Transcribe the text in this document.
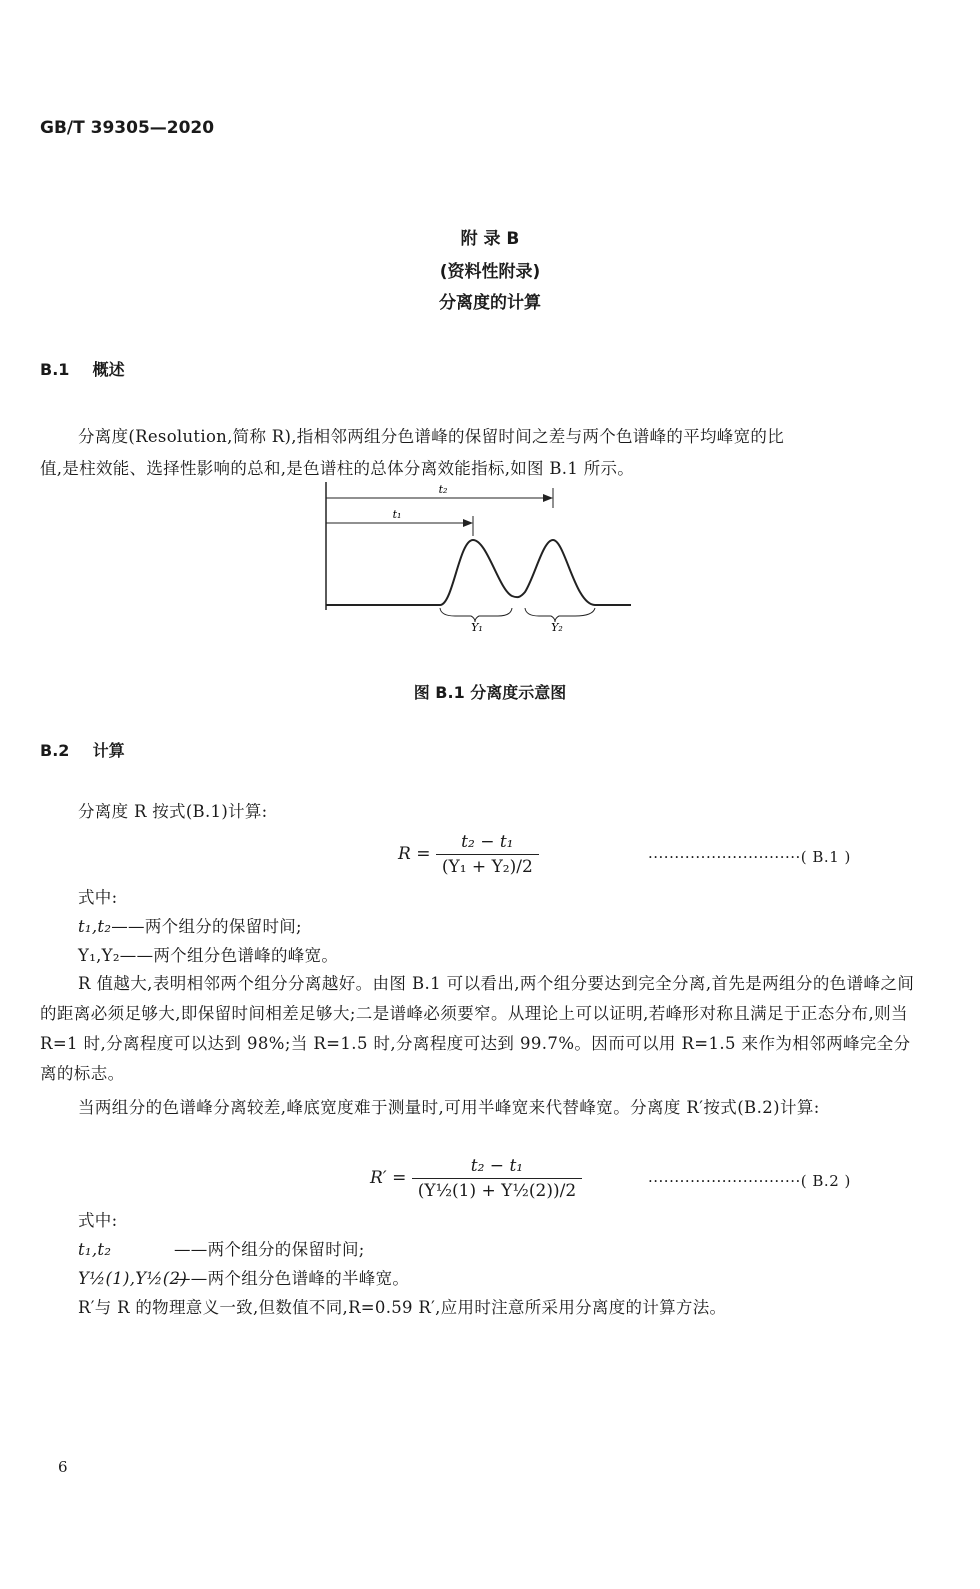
GB/T 39305—2020
附 录 B
(资料性附录)
分离度的计算
B.1 概述
分离度(Resolution,简称 R),指相邻两组分色谱峰的保留时间之差与两个色谱峰的平均峰宽的比
值,是柱效能、选择性影响的总和,是色谱柱的总体分离效能指标,如图 B.1 所示。
t₂
t₁
Y₁	Y₂
图 B.1 分离度示意图
B.2 计算
分离度 R 按式(B.1)计算:
$R = \frac{\text{t₂ − t₁}}{\text{(Y₁ + Y₂)/2}}$	·····························( B.1 )
式中:
t₁,t₂——两个组分的保留时间;
Y₁,Y₂——两个组分色谱峰的峰宽。
R 值越大,表明相邻两个组分分离越好。由图 B.1 可以看出,两个组分要达到完全分离,首先是两组分的色谱峰之间的距离必须足够大,即保留时间相差足够大;二是谱峰必须要窄。从理论上可以证明,若峰形对称且满足于正态分布,则当 R=1 时,分离程度可以达到 98%;当 R=1.5 时,分离程度可达到 99.7%。因而可以用 R=1.5 来作为相邻两峰完全分离的标志。
当两组分的色谱峰分离较差,峰底宽度难于测量时,可用半峰宽来代替峰宽。分离度 R′按式(B.2)计算:
$R' = \frac{\text{t₂ − t₁}}{\text{(Y½(1) + Y½(2))/2}}$	·····························( B.2 )
式中:
t₁,t₂	——两个组分的保留时间;
Y½(1),Y½(2)——两个组分色谱峰的半峰宽。
R′与 R 的物理意义一致,但数值不同,R=0.59 R′,应用时注意所采用分离度的计算方法。
6
